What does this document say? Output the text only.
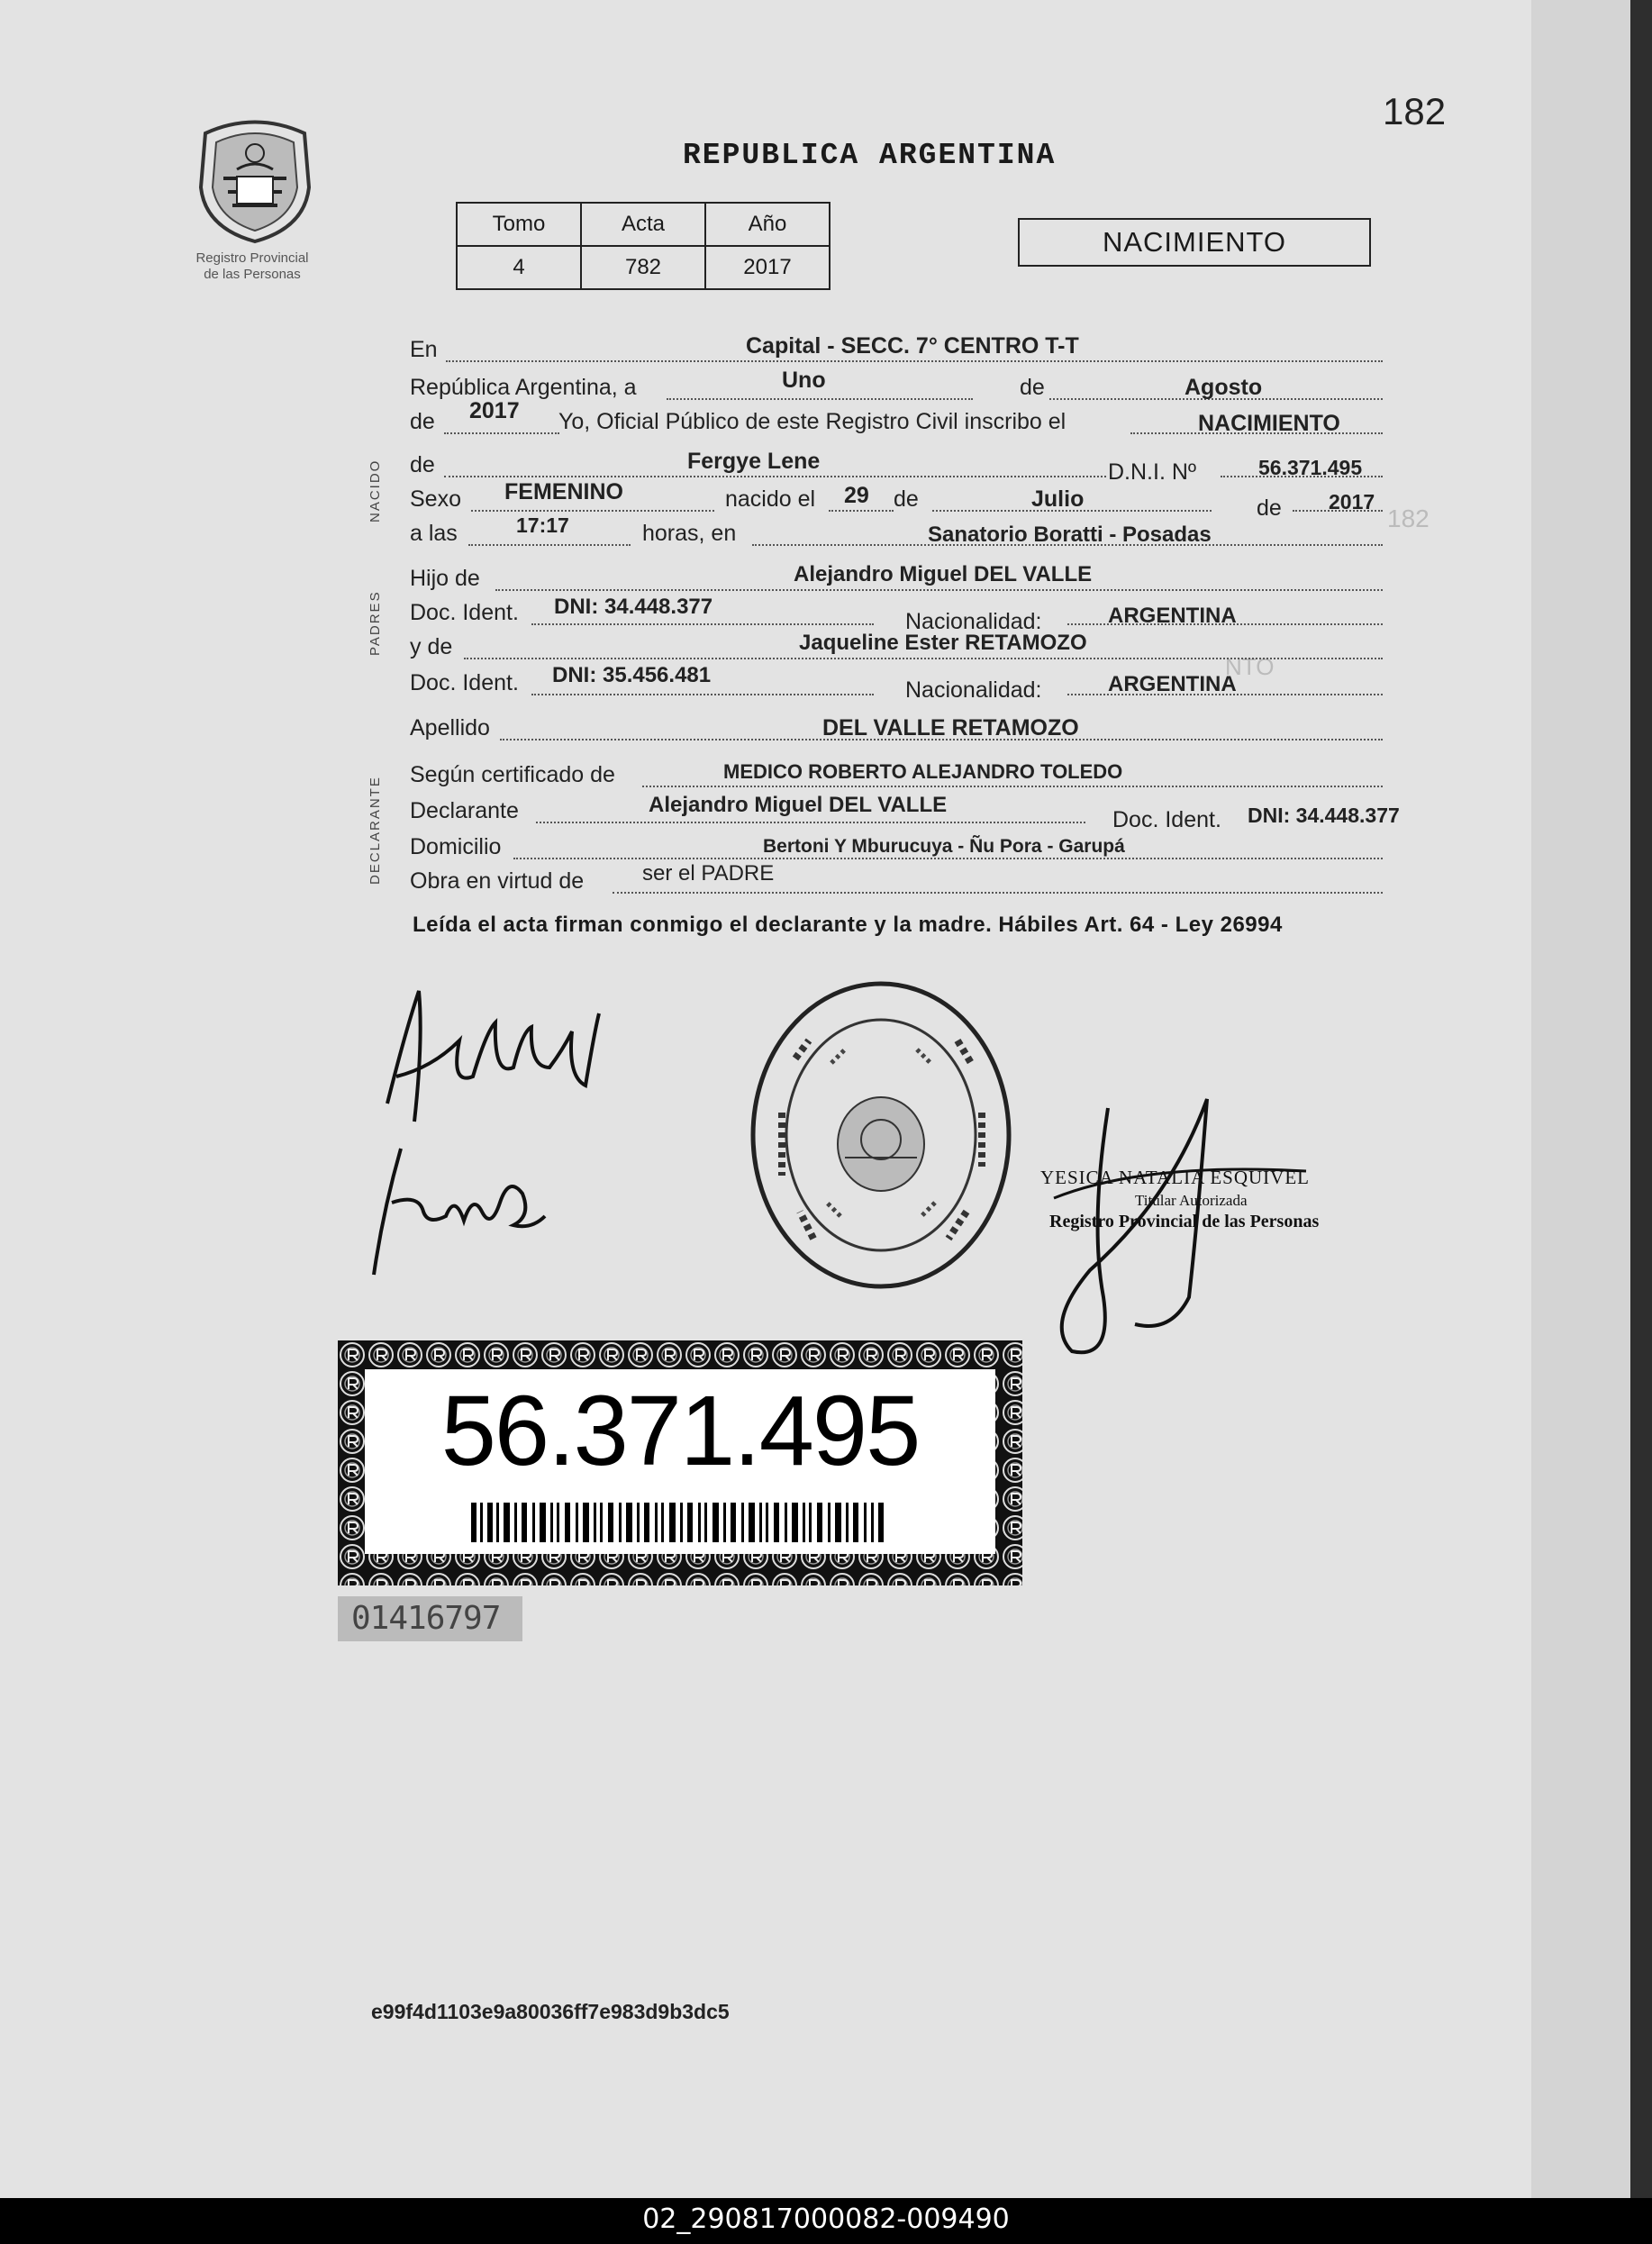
182
NTO
182
Registro Provincial
de las Personas
REPUBLICA ARGENTINA
Tomo	Acta	Año
4	782	2017
NACIMIENTO
NACIDO
PADRES
DECLARANTE
En	Capital - SECC. 7° CENTRO T-T
República Argentina, a	Uno	de	Agosto
de 2017 Yo, Oficial Público de este Registro Civil inscribo el	NACIMIENTO
de	Fergye Lene	D.N.I. Nº	56.371.495
Sexo FEMENINO	nacido el 29 de	Julio	de 2017
a las	17:17	horas, en	Sanatorio Boratti - Posadas
Hijo de	Alejandro Miguel DEL VALLE
Doc. Ident. DNI: 34.448.377
Nacionalidad:	ARGENTINA
y de	Jaqueline Ester RETAMOZO
Doc. Ident. DNI: 35.456.481
Nacionalidad:	ARGENTINA
Apellido	DEL VALLE RETAMOZO
Según certificado de	MEDICO ROBERTO ALEJANDRO TOLEDO
Declarante	Alejandro Miguel DEL VALLE
Doc. Ident. DNI: 34.448.377
Domicilio	Bertoni Y Mburucuya - Ñu Pora - Garupá
Obra en virtud de	ser el PADRE
Leída el acta firman conmigo el declarante y la madre. Hábiles Art. 64 - Ley 26994
YESICA NATALIA ESQUIVEL
Titular Autorizada
Registro Provincial de las Personas
56.371.495
01416797
e99f4d1103e9a80036ff7e983d9b3dc5
02_290817000082-009490
